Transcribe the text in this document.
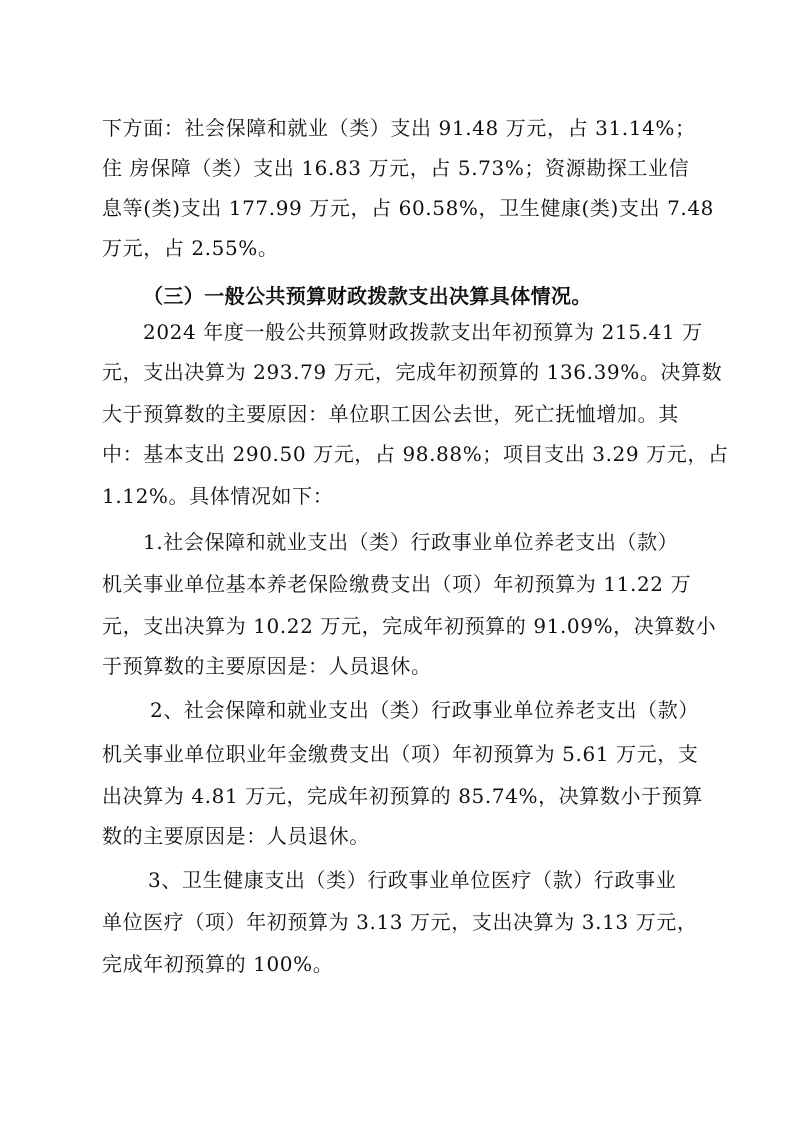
下方面：社会保障和就业（类）支出 91.48 万元，占 31.14%；
住 房保障（类）支出 16.83 万元，占 5.73%；资源勘探工业信
息等(类)支出 177.99 万元，占 60.58%，卫生健康(类)支出 7.48
万元，占 2.55%。
（三）一般公共预算财政拨款支出决算具体情况。
2024 年度一般公共预算财政拨款支出年初预算为 215.41 万
元，支出决算为 293.79 万元，完成年初预算的 136.39%。决算数
大于预算数的主要原因：单位职工因公去世，死亡抚恤增加。其
中：基本支出 290.50 万元，占 98.88%；项目支出 3.29 万元，占
1.12%。具体情况如下：
1.社会保障和就业支出（类）行政事业单位养老支出（款）
机关事业单位基本养老保险缴费支出（项）年初预算为 11.22 万
元，支出决算为 10.22 万元，完成年初预算的 91.09%，决算数小
于预算数的主要原因是：人员退休。
2、社会保障和就业支出（类）行政事业单位养老支出（款）
机关事业单位职业年金缴费支出（项）年初预算为 5.61 万元，支
出决算为 4.81 万元，完成年初预算的 85.74%，决算数小于预算
数的主要原因是：人员退休。
3、卫生健康支出（类）行政事业单位医疗（款）行政事业
单位医疗（项）年初预算为 3.13 万元，支出决算为 3.13 万元，
完成年初预算的 100%。
